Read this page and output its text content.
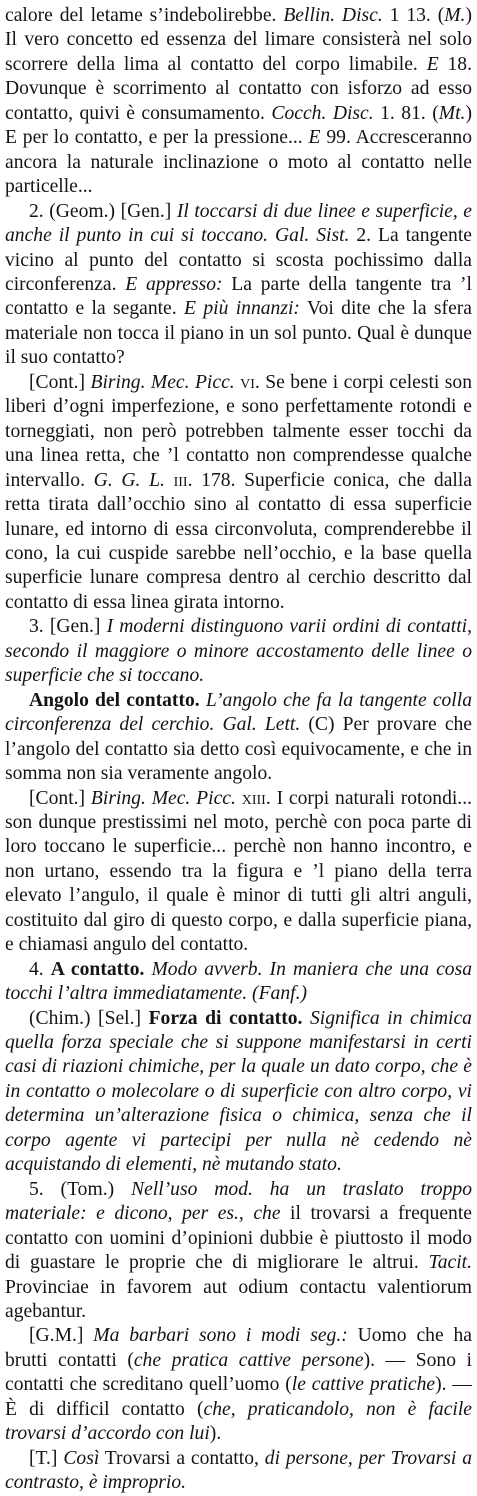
calore del letame s’indebolirebbe. Bellin. Disc. 1 13. (M.) Il vero concetto ed essenza del limare consisterà nel solo scorrere della lima al contatto del corpo limabile. E 18. Dovunque è scorrimento al contatto con isforzo ad esso contatto, quivi è consumamento. Cocch. Disc. 1. 81. (Mt.) E per lo contatto, e per la pressione... E 99. Accresceranno ancora la naturale inclinazione o moto al contatto nelle particelle...

2. (Geom.) [Gen.] Il toccarsi di due linee e superficie, e anche il punto in cui si toccano. Gal. Sist. 2. La tangente vicino al punto del contatto si scosta pochissimo dalla circonferenza. E appresso: La parte della tangente tra ’l contatto e la segante. E più innanzi: Voi dite che la sfera materiale non tocca il piano in un sol punto. Qual è dunque il suo contatto?

[Cont.] Biring. Mec. Picc. vi. Se bene i corpi celesti son liberi d’ogni imperfezione, e sono perfettamente rotondi e torneggiati, non però potrebben talmente esser tocchi da una linea retta, che ’l contatto non comprendesse qualche intervallo. G. G. L. iii. 178. Superficie conica, che dalla retta tirata dall’occhio sino al contatto di essa superficie lunare, ed intorno di essa circonvoluta, comprenderebbe il cono, la cui cuspide sarebbe nell’occhio, e la base quella superficie lunare compresa dentro al cerchio descritto dal contatto di essa linea girata intorno.

3. [Gen.] I moderni distinguono varii ordini di contatti, secondo il maggiore o minore accostamento delle linee o superficie che si toccano.

Angolo del contatto. L’angolo che fa la tangente colla circonferenza del cerchio. Gal. Lett. (C) Per provare che l’angolo del contatto sia detto così equivocamente, e che in somma non sia veramente angolo.

[Cont.] Biring. Mec. Picc. xiii. I corpi naturali rotondi... son dunque prestissimi nel moto, perchè con poca parte di loro toccano le superficie... perchè non hanno incontro, e non urtano, essendo tra la figura e ’l piano della terra elevato l’angulo, il quale è minor di tutti gli altri anguli, costituito dal giro di questo corpo, e dalla superficie piana, e chiamasi angulo del contatto.

4. A contatto. Modo avverb. In maniera che una cosa tocchi l’altra immediatamente. (Fanf.)

(Chim.) [Sel.] Forza di contatto. Significa in chimica quella forza speciale che si suppone manifestarsi in certi casi di riazioni chimiche, per la quale un dato corpo, che è in contatto o molecolare o di superficie con altro corpo, vi determina un’alterazione fisica o chimica, senza che il corpo agente vi partecipi per nulla nè cedendo nè acquistando di elementi, nè mutando stato.

5. (Tom.) Nell’uso mod. ha un traslato troppo materiale: e dicono, per es., che il trovarsi a frequente contatto con uomini d’opinioni dubbie è piuttosto il modo di guastare le proprie che di migliorare le altrui. Tacit. Provinciae in favorem aut odium contactu valentiorum agebantur.

[G.M.] Ma barbari sono i modi seg.: Uomo che ha brutti contatti (che pratica cattive persone). — Sono i contatti che screditano quell’uomo (le cattive pratiche). — È di difficil contatto (che, praticandolo, non è facile trovarsi d’accordo con lui).

[T.] Così Trovarsi a contatto, di persone, per Trovarsi a contrasto, è improprio.
